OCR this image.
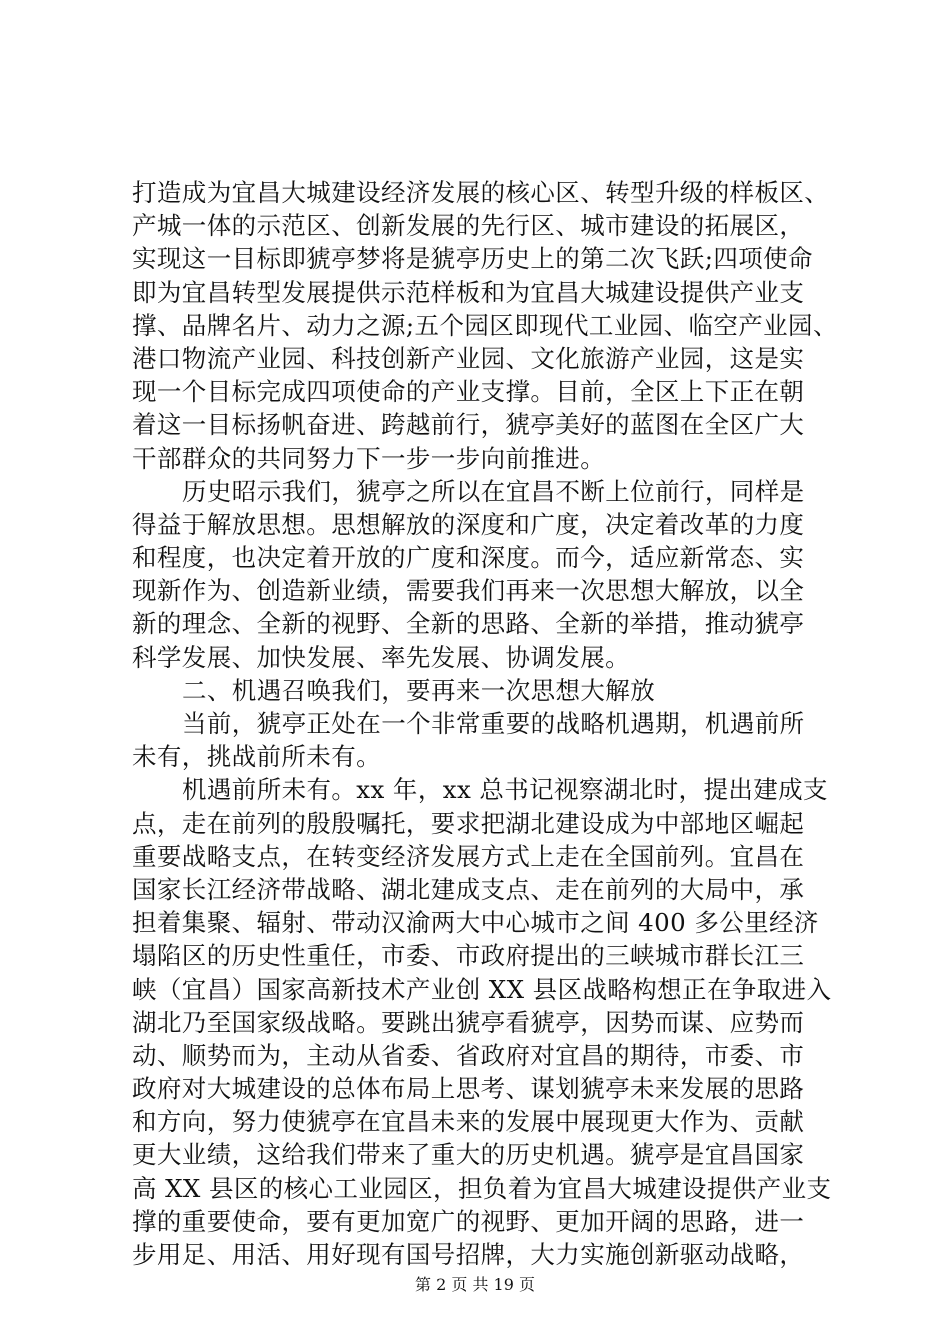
打造成为宜昌大城建设经济发展的核心区、转型升级的样板区、
产城一体的示范区、创新发展的先行区、城市建设的拓展区，
实现这一目标即猇亭梦将是猇亭历史上的第二次飞跃;四项使命
即为宜昌转型发展提供示范样板和为宜昌大城建设提供产业支
撑、品牌名片、动力之源;五个园区即现代工业园、临空产业园、
港口物流产业园、科技创新产业园、文化旅游产业园，这是实
现一个目标完成四项使命的产业支撑。目前，全区上下正在朝
着这一目标扬帆奋进、跨越前行，猇亭美好的蓝图在全区广大
干部群众的共同努力下一步一步向前推进。
历史昭示我们，猇亭之所以在宜昌不断上位前行，同样是
得益于解放思想。思想解放的深度和广度，决定着改革的力度
和程度，也决定着开放的广度和深度。而今，适应新常态、实
现新作为、创造新业绩，需要我们再来一次思想大解放，以全
新的理念、全新的视野、全新的思路、全新的举措，推动猇亭
科学发展、加快发展、率先发展、协调发展。
二、机遇召唤我们，要再来一次思想大解放
当前，猇亭正处在一个非常重要的战略机遇期，机遇前所
未有，挑战前所未有。
机遇前所未有。xx 年，xx 总书记视察湖北时，提出建成支
点，走在前列的殷殷嘱托，要求把湖北建设成为中部地区崛起
重要战略支点，在转变经济发展方式上走在全国前列。宜昌在
国家长江经济带战略、湖北建成支点、走在前列的大局中，承
担着集聚、辐射、带动汉渝两大中心城市之间 400 多公里经济
塌陷区的历史性重任，市委、市政府提出的三峡城市群长江三
峡（宜昌）国家高新技术产业创 XX 县区战略构想正在争取进入
湖北乃至国家级战略。要跳出猇亭看猇亭，因势而谋、应势而
动、顺势而为，主动从省委、省政府对宜昌的期待，市委、市
政府对大城建设的总体布局上思考、谋划猇亭未来发展的思路
和方向，努力使猇亭在宜昌未来的发展中展现更大作为、贡献
更大业绩，这给我们带来了重大的历史机遇。猇亭是宜昌国家
高 XX 县区的核心工业园区，担负着为宜昌大城建设提供产业支
撑的重要使命，要有更加宽广的视野、更加开阔的思路，进一
步用足、用活、用好现有国号招牌，大力实施创新驱动战略，
第 2 页 共 19 页
